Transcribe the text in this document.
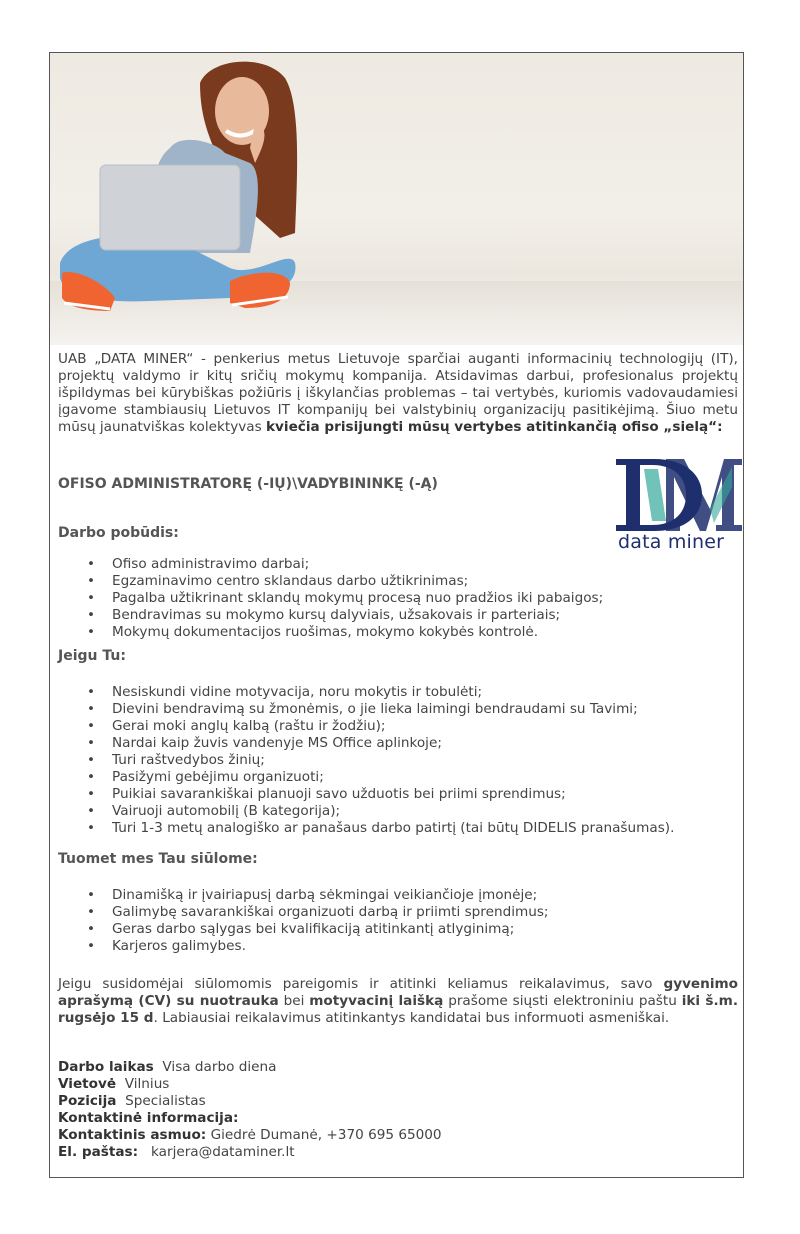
UAB „DATA MINER“ - penkerius metus Lietuvoje sparčiai auganti informacinių technologijų (IT), projektų valdymo ir kitų sričių mokymų kompanija. Atsidavimas darbui, profesionalus projektų išpildymas bei kūrybiškas požiūris į iškylančias problemas – tai vertybės, kuriomis vadovaudamiesi įgavome stambiausių Lietuvos IT kompanijų bei valstybinių organizacijų pasitikėjimą. Šiuo metu mūsų jaunatviškas kolektyvas kviečia prisijungti mūsų vertybes atitinkančią ofiso „sielą“:

OFISO ADMINISTRATORĘ (-IŲ)\VADYBININKĘ (-Ą)

Darbo pobūdis:
• Ofiso administravimo darbai;
• Egzaminavimo centro sklandaus darbo užtikrinimas;
• Pagalba užtikrinant sklandų mokymų procesą nuo pradžios iki pabaigos;
• Bendravimas su mokymo kursų dalyviais, užsakovais ir parteriais;
• Mokymų dokumentacijos ruošimas, mokymo kokybės kontrolė.
Jeigu Tu:
• Nesiskundi vidine motyvacija, noru mokytis ir tobulėti;
• Dievini bendravimą su žmonėmis, o jie lieka laimingi bendraudami su Tavimi;
• Gerai moki anglų kalbą (raštu ir žodžiu);
• Nardai kaip žuvis vandenyje MS Office aplinkoje;
• Turi raštvedybos žinių;
• Pasižymi gebėjimu organizuoti;
• Puikiai savarankiškai planuoji savo užduotis bei priimi sprendimus;
• Vairuoji automobilį (B kategorija);
• Turi 1-3 metų analogiško ar panašaus darbo patirtį (tai būtų DIDELIS pranašumas).
Tuomet mes Tau siūlome:
• Dinamišką ir įvairiapusį darbą sėkmingai veikiančioje įmonėje;
• Galimybę savarankiškai organizuoti darbą ir priimti sprendimus;
• Geras darbo sąlygas bei kvalifikaciją atitinkantį atlyginimą;
• Karjeros galimybes.

Jeigu susidomėjai siūlomomis pareigomis ir atitinki keliamus reikalavimus, savo gyvenimo aprašymą (CV) su nuotrauka bei motyvacinį laišką prašome siųsti elektroniniu paštu iki š.m. rugsėjo 15 d. Labiausiai reikalavimus atitinkantys kandidatai bus informuoti asmeniškai.

Darbo laikas Visa darbo diena
Vietovė Vilnius
Pozicija Specialistas
Kontaktinė informacija:
Kontaktinis asmuo: Giedrė Dumanė, +370 695 65000
El. paštas: karjera@dataminer.lt
data miner
